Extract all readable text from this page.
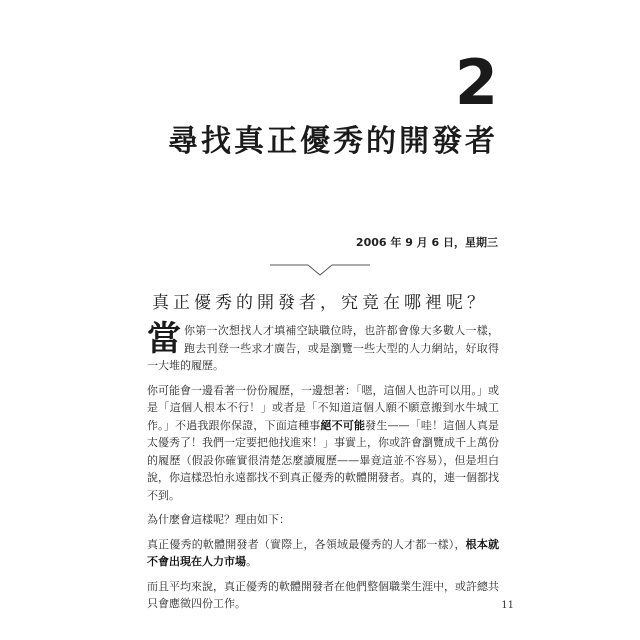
2
尋找真正優秀的開發者
2006 年 9 月 6 日，星期三
真正優秀的開發者，究竟在哪裡呢？

當你第一次想找人才填補空缺職位時，也許都會像大多數人一樣，跑去刊登一些求才廣告，或是瀏覽一些大型的人力網站，好取得一大堆的履歷。

你可能會一邊看著一份份履歷，一邊想著：「嗯，這個人也許可以用。」或是「這個人根本不行！」或者是「不知道這個人願不願意搬到水牛城工作。」不過我跟你保證，下面這種事絕不可能發生——「哇！這個人真是太優秀了！我們一定要把他找進來！」事實上，你或許會瀏覽成千上萬份的履歷（假設你確實很清楚怎麼讀履歷——畢竟這並不容易），但是坦白說，你這樣恐怕永遠都找不到真正優秀的軟體開發者。真的，連一個都找不到。

為什麼會這樣呢？理由如下：

真正優秀的軟體開發者（實際上，各領域最優秀的人才都一樣），根本就不會出現在人力市場。

而且平均來說，真正優秀的軟體開發者在他們整個職業生涯中，或許總共只會應徵四份工作。	11
